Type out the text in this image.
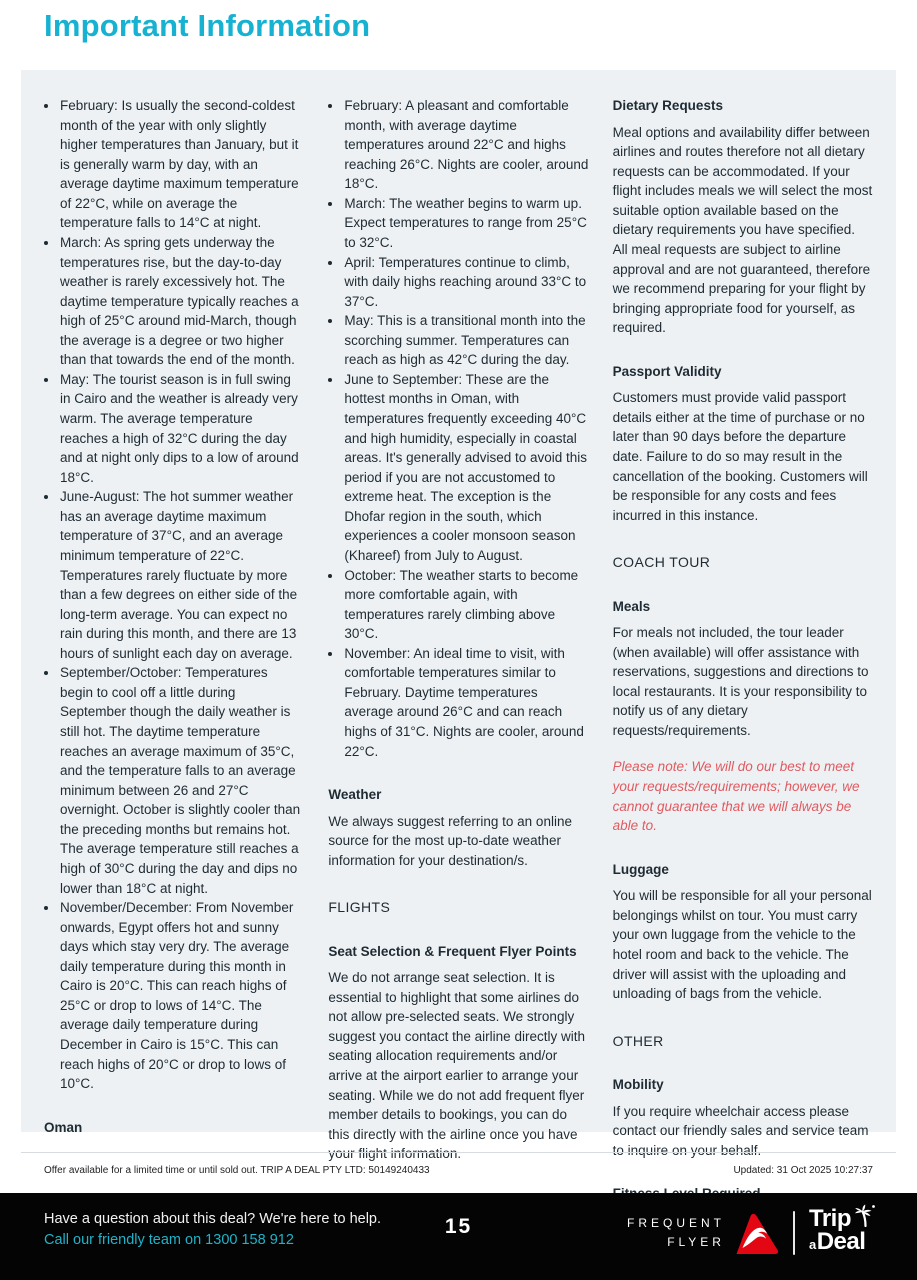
Important Information
• February: Is usually the second-coldest month of the year with only slightly higher temperatures than January, but it is generally warm by day, with an average daytime maximum temperature of 22°C, while on average the temperature falls to 14°C at night.
• March: As spring gets underway the temperatures rise, but the day-to-day weather is rarely excessively hot. The daytime temperature typically reaches a high of 25°C around mid-March, though the average is a degree or two higher than that towards the end of the month.
• May: The tourist season is in full swing in Cairo and the weather is already very warm. The average temperature reaches a high of 32°C during the day and at night only dips to a low of around 18°C.
• June-August: The hot summer weather has an average daytime maximum temperature of 37°C, and an average minimum temperature of 22°C. Temperatures rarely fluctuate by more than a few degrees on either side of the long-term average. You can expect no rain during this month, and there are 13 hours of sunlight each day on average.
• September/October: Temperatures begin to cool off a little during September though the daily weather is still hot. The daytime temperature reaches an average maximum of 35°C, and the temperature falls to an average minimum between 26 and 27°C overnight. October is slightly cooler than the preceding months but remains hot. The average temperature still reaches a high of 30°C during the day and dips no lower than 18°C at night.
• November/December: From November onwards, Egypt offers hot and sunny days which stay very dry. The average daily temperature during this month in Cairo is 20°C. This can reach highs of 25°C or drop to lows of 14°C. The average daily temperature during December in Cairo is 15°C. This can reach highs of 20°C or drop to lows of 10°C.
Oman
• February: A pleasant and comfortable month, with average daytime temperatures around 22°C and highs reaching 26°C. Nights are cooler, around 18°C.
• March: The weather begins to warm up. Expect temperatures to range from 25°C to 32°C.
• April: Temperatures continue to climb, with daily highs reaching around 33°C to 37°C.
• May: This is a transitional month into the scorching summer. Temperatures can reach as high as 42°C during the day.
• June to September: These are the hottest months in Oman, with temperatures frequently exceeding 40°C and high humidity, especially in coastal areas. It's generally advised to avoid this period if you are not accustomed to extreme heat. The exception is the Dhofar region in the south, which experiences a cooler monsoon season (Khareef) from July to August.
• October: The weather starts to become more comfortable again, with temperatures rarely climbing above 30°C.
• November: An ideal time to visit, with comfortable temperatures similar to February. Daytime temperatures average around 26°C and can reach highs of 31°C. Nights are cooler, around 22°C.
Weather
We always suggest referring to an online source for the most up-to-date weather information for your destination/s.
FLIGHTS
Seat Selection & Frequent Flyer Points
We do not arrange seat selection. It is essential to highlight that some airlines do not allow pre-selected seats. We strongly suggest you contact the airline directly with seating allocation requirements and/or arrive at the airport earlier to arrange your seating. While we do not add frequent flyer member details to bookings, you can do this directly with the airline once you have your flight information.
Dietary Requests
Meal options and availability differ between airlines and routes therefore not all dietary requests can be accommodated. If your flight includes meals we will select the most suitable option available based on the dietary requirements you have specified. All meal requests are subject to airline approval and are not guaranteed, therefore we recommend preparing for your flight by bringing appropriate food for yourself, as required.
Passport Validity
Customers must provide valid passport details either at the time of purchase or no later than 90 days before the departure date. Failure to do so may result in the cancellation of the booking. Customers will be responsible for any costs and fees incurred in this instance.
COACH TOUR
Meals
For meals not included, the tour leader (when available) will offer assistance with reservations, suggestions and directions to local restaurants. It is your responsibility to notify us of any dietary requests/requirements.
Please note: We will do our best to meet your requests/requirements; however, we cannot guarantee that we will always be able to.
Luggage
You will be responsible for all your personal belongings whilst on tour. You must carry your own luggage from the vehicle to the hotel room and back to the vehicle. The driver will assist with the uploading and unloading of bags from the vehicle.
OTHER
Mobility
If you require wheelchair access please contact our friendly sales and service team to inquire on your behalf.
Offer available for a limited time or until sold out. TRIP A DEAL PTY LTD: 50149240433	Updated: 31 Oct 2025 10:27:37
Have a question about this deal? We're here to help.
Call our friendly team on 1300 158 912
15	FREQUENT
FLYER
Trip
a Deal
